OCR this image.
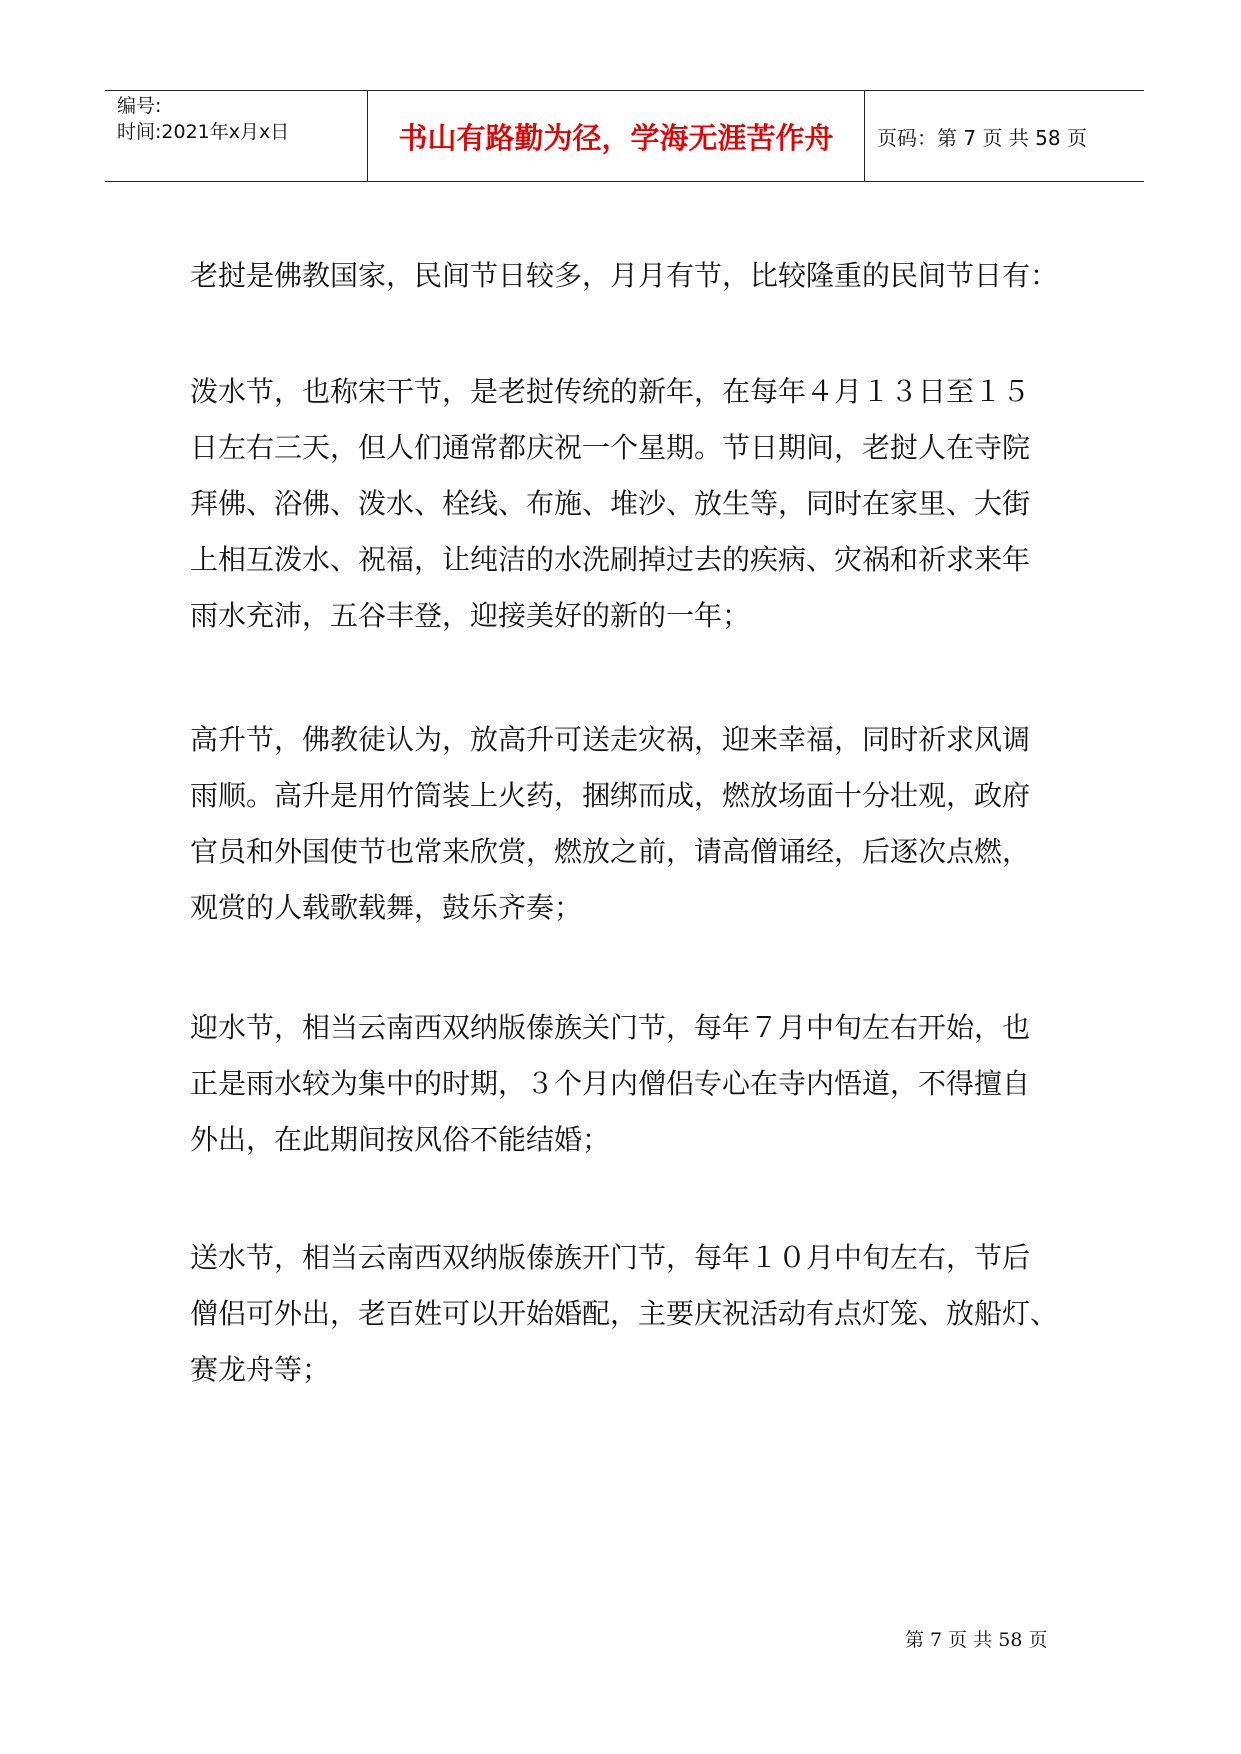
编号:
时间:2021年x月x日	书山有路勤为径，学海无涯苦作舟 页码：第 7 页 共 58 页
老挝是佛教国家，民间节日较多，月月有节，比较隆重的民间节日有：
泼水节，也称宋干节，是老挝传统的新年，在每年４月１３日至１５
日左右三天，但人们通常都庆祝一个星期。节日期间，老挝人在寺院
拜佛、浴佛、泼水、栓线、布施、堆沙、放生等，同时在家里、大街
上相互泼水、祝福，让纯洁的水洗刷掉过去的疾病、灾祸和祈求来年
雨水充沛，五谷丰登，迎接美好的新的一年；
高升节，佛教徒认为，放高升可送走灾祸，迎来幸福，同时祈求风调
雨顺。高升是用竹筒装上火药，捆绑而成，燃放场面十分壮观，政府
官员和外国使节也常来欣赏，燃放之前，请高僧诵经，后逐次点燃，
观赏的人载歌载舞，鼓乐齐奏；
迎水节，相当云南西双纳版傣族关门节，每年７月中旬左右开始，也
正是雨水较为集中的时期，３个月内僧侣专心在寺内悟道，不得擅自
外出，在此期间按风俗不能结婚；
送水节，相当云南西双纳版傣族开门节，每年１０月中旬左右，节后
僧侣可外出，老百姓可以开始婚配，主要庆祝活动有点灯笼、放船灯、
赛龙舟等；
第 7 页 共 58 页
